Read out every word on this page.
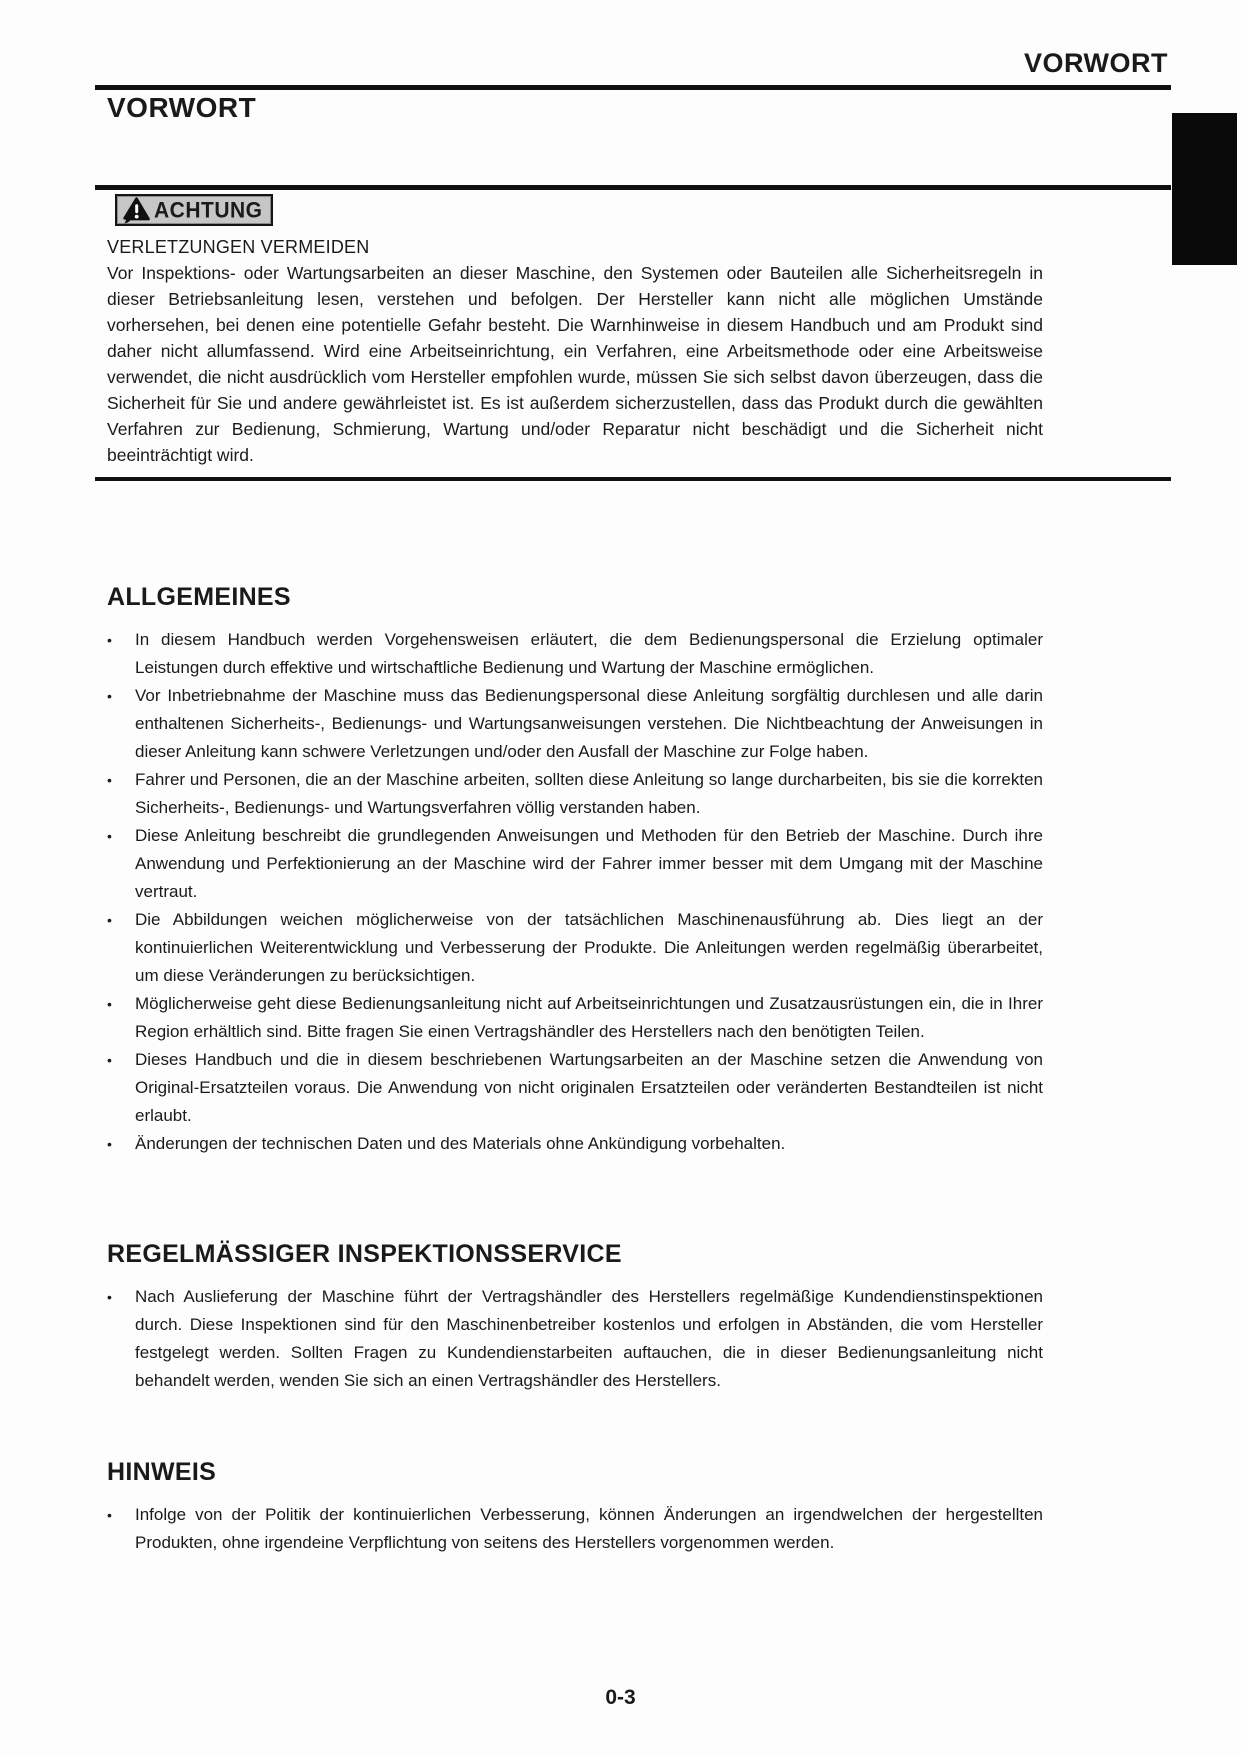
VORWORT
VORWORT
ACHTUNG
VERLETZUNGEN VERMEIDEN

Vor Inspektions- oder Wartungsarbeiten an dieser Maschine, den Systemen oder Bauteilen alle Sicherheitsregeln in dieser Betriebsanleitung lesen, verstehen und befolgen. Der Hersteller kann nicht alle möglichen Umstände vorhersehen, bei denen eine potentielle Gefahr besteht. Die Warnhinweise in diesem Handbuch und am Produkt sind daher nicht allumfassend. Wird eine Arbeitseinrichtung, ein Verfahren, eine Arbeitsmethode oder eine Arbeitsweise verwendet, die nicht ausdrücklich vom Hersteller empfohlen wurde, müssen Sie sich selbst davon überzeugen, dass die Sicherheit für Sie und andere gewährleistet ist. Es ist außerdem sicherzustellen, dass das Produkt durch die gewählten Verfahren zur Bedienung, Schmierung, Wartung und/oder Reparatur nicht beschädigt und die Sicherheit nicht beeinträchtigt wird.

ALLGEMEINES
•	In diesem Handbuch werden Vorgehensweisen erläutert, die dem Bedienungspersonal die Erzielung optimaler Leistungen durch effektive und wirtschaftliche Bedienung und Wartung der Maschine ermöglichen.
•	Vor Inbetriebnahme der Maschine muss das Bedienungspersonal diese Anleitung sorgfältig durchlesen und alle darin enthaltenen Sicherheits-, Bedienungs- und Wartungsanweisungen verstehen. Die Nichtbeachtung der Anweisungen in dieser Anleitung kann schwere Verletzungen und/oder den Ausfall der Maschine zur Folge haben.
•	Fahrer und Personen, die an der Maschine arbeiten, sollten diese Anleitung so lange durcharbeiten, bis sie die korrekten Sicherheits-, Bedienungs- und Wartungsverfahren völlig verstanden haben.
•	Diese Anleitung beschreibt die grundlegenden Anweisungen und Methoden für den Betrieb der Maschine. Durch ihre Anwendung und Perfektionierung an der Maschine wird der Fahrer immer besser mit dem Umgang mit der Maschine vertraut.
•	Die Abbildungen weichen möglicherweise von der tatsächlichen Maschinenausführung ab. Dies liegt an der kontinuierlichen Weiterentwicklung und Verbesserung der Produkte. Die Anleitungen werden regelmäßig überarbeitet, um diese Veränderungen zu berücksichtigen.
•	Möglicherweise geht diese Bedienungsanleitung nicht auf Arbeitseinrichtungen und Zusatzausrüstungen ein, die in Ihrer Region erhältlich sind. Bitte fragen Sie einen Vertragshändler des Herstellers nach den benötigten Teilen.
•	Dieses Handbuch und die in diesem beschriebenen Wartungsarbeiten an der Maschine setzen die Anwendung von Original-Ersatzteilen voraus. Die Anwendung von nicht originalen Ersatzteilen oder veränderten Bestandteilen ist nicht erlaubt.
•	Änderungen der technischen Daten und des Materials ohne Ankündigung vorbehalten.
REGELMÄSSIGER INSPEKTIONSSERVICE
•	Nach Auslieferung der Maschine führt der Vertragshändler des Herstellers regelmäßige Kundendienstinspektionen durch. Diese Inspektionen sind für den Maschinenbetreiber kostenlos und erfolgen in Abständen, die vom Hersteller festgelegt werden. Sollten Fragen zu Kundendienstarbeiten auftauchen, die in dieser Bedienungsanleitung nicht behandelt werden, wenden Sie sich an einen Vertragshändler des Herstellers.
HINWEIS
•	Infolge von der Politik der kontinuierlichen Verbesserung, können Änderungen an irgendwelchen der hergestellten Produkten, ohne irgendeine Verpflichtung von seitens des Herstellers vorgenommen werden.
0-3
